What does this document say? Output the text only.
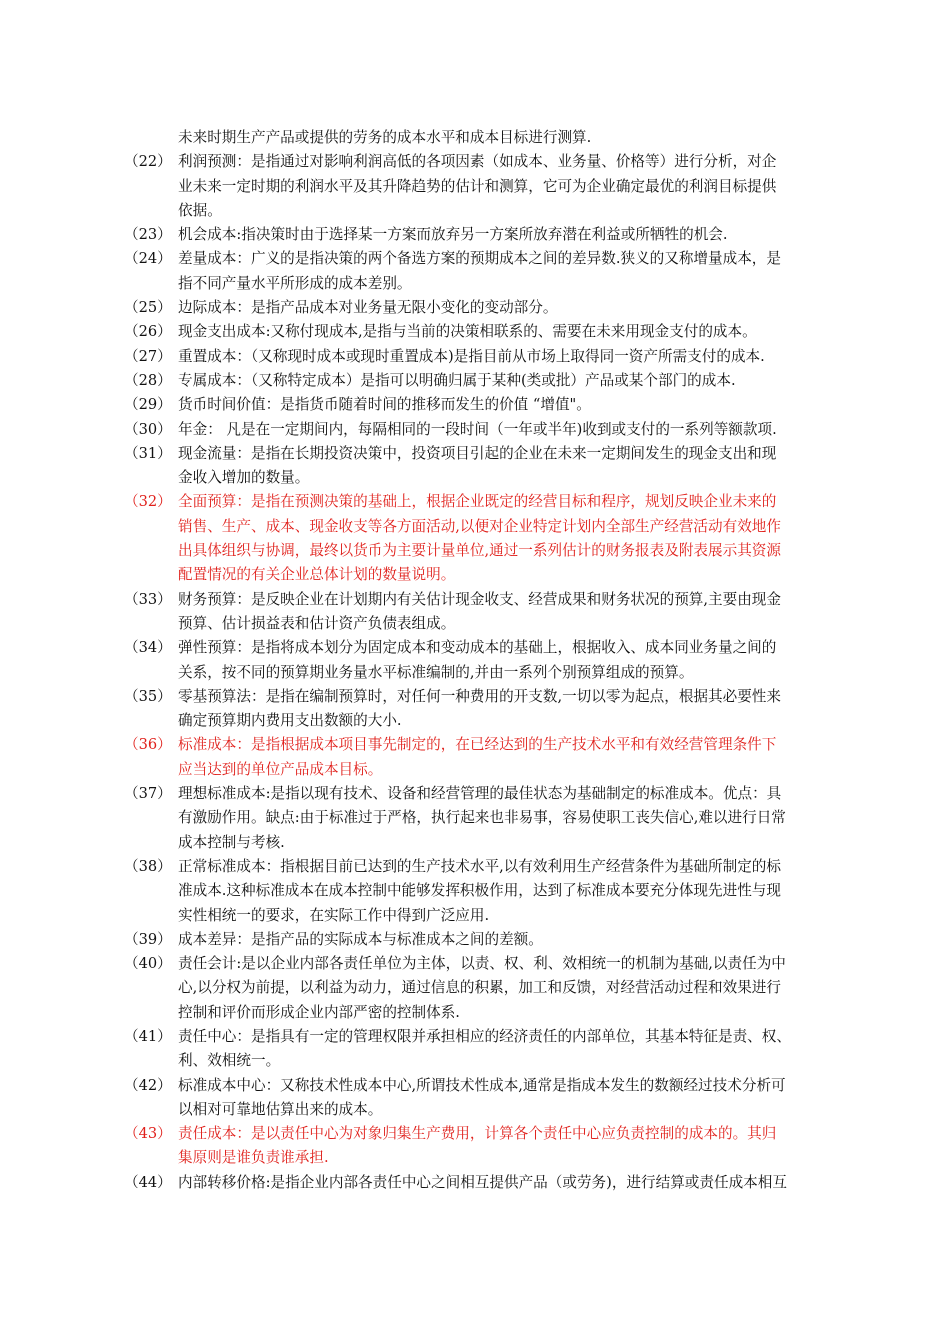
未来时期生产产品或提供的劳务的成本水平和成本目标进行测算.
（22） 利润预测：是指通过对影响利润高低的各项因素（如成本、业务量、价格等）进行分析，对企
业未来一定时期的利润水平及其升降趋势的估计和测算，它可为企业确定最优的利润目标提供
依据。
（23） 机会成本:指决策时由于选择某一方案而放弃另一方案所放弃潜在利益或所牺牲的机会.
（24） 差量成本：广义的是指决策的两个备选方案的预期成本之间的差异数.狭义的又称增量成本，是
指不同产量水平所形成的成本差别。
（25） 边际成本：是指产品成本对业务量无限小变化的变动部分。
（26） 现金支出成本:又称付现成本,是指与当前的决策相联系的、需要在未来用现金支付的成本。
（27） 重置成本：（又称现时成本或现时重置成本)是指目前从市场上取得同一资产所需支付的成本.
（28） 专属成本：（又称特定成本）是指可以明确归属于某种(类或批）产品或某个部门的成本.
（29） 货币时间价值：是指货币随着时间的推移而发生的价值 “增值"。
（30） 年金： 凡是在一定期间内，每隔相同的一段时间（一年或半年)收到或支付的一系列等额款项.
（31） 现金流量：是指在长期投资决策中，投资项目引起的企业在未来一定期间发生的现金支出和现
金收入增加的数量。
（32） 全面预算：是指在预测决策的基础上，根据企业既定的经营目标和程序，规划反映企业未来的
销售、生产、成本、现金收支等各方面活动,以便对企业特定计划内全部生产经营活动有效地作
出具体组织与协调，最终以货币为主要计量单位,通过一系列估计的财务报表及附表展示其资源
配置情况的有关企业总体计划的数量说明。
（33） 财务预算：是反映企业在计划期内有关估计现金收支、经营成果和财务状况的预算,主要由现金
预算、估计损益表和估计资产负债表组成。
（34） 弹性预算：是指将成本划分为固定成本和变动成本的基础上，根据收入、成本同业务量之间的
关系，按不同的预算期业务量水平标准编制的,并由一系列个别预算组成的预算。
（35） 零基预算法：是指在编制预算时，对任何一种费用的开支数,一切以零为起点，根据其必要性来
确定预算期内费用支出数额的大小.
（36） 标准成本：是指根据成本项目事先制定的，在已经达到的生产技术水平和有效经营管理条件下
应当达到的单位产品成本目标。
（37） 理想标准成本:是指以现有技术、设备和经营管理的最佳状态为基础制定的标准成本。优点：具
有激励作用。缺点:由于标准过于严格，执行起来也非易事，容易使职工丧失信心,难以进行日常
成本控制与考核.
（38） 正常标准成本：指根据目前已达到的生产技术水平,以有效利用生产经营条件为基础所制定的标
准成本.这种标准成本在成本控制中能够发挥积极作用，达到了标准成本要充分体现先进性与现
实性相统一的要求，在实际工作中得到广泛应用.
（39） 成本差异：是指产品的实际成本与标准成本之间的差额。
（40） 责任会计:是以企业内部各责任单位为主体，以责、权、利、效相统一的机制为基础,以责任为中
心,以分权为前提，以利益为动力，通过信息的积累，加工和反馈，对经营活动过程和效果进行
控制和评价而形成企业内部严密的控制体系.
（41） 责任中心：是指具有一定的管理权限并承担相应的经济责任的内部单位，其基本特征是责、权、
利、效相统一。
（42） 标准成本中心：又称技术性成本中心,所谓技术性成本,通常是指成本发生的数额经过技术分析可
以相对可靠地估算出来的成本。
（43） 责任成本：是以责任中心为对象归集生产费用，计算各个责任中心应负责控制的成本的。其归
集原则是谁负责谁承担.
（44） 内部转移价格:是指企业内部各责任中心之间相互提供产品（或劳务)，进行结算或责任成本相互
